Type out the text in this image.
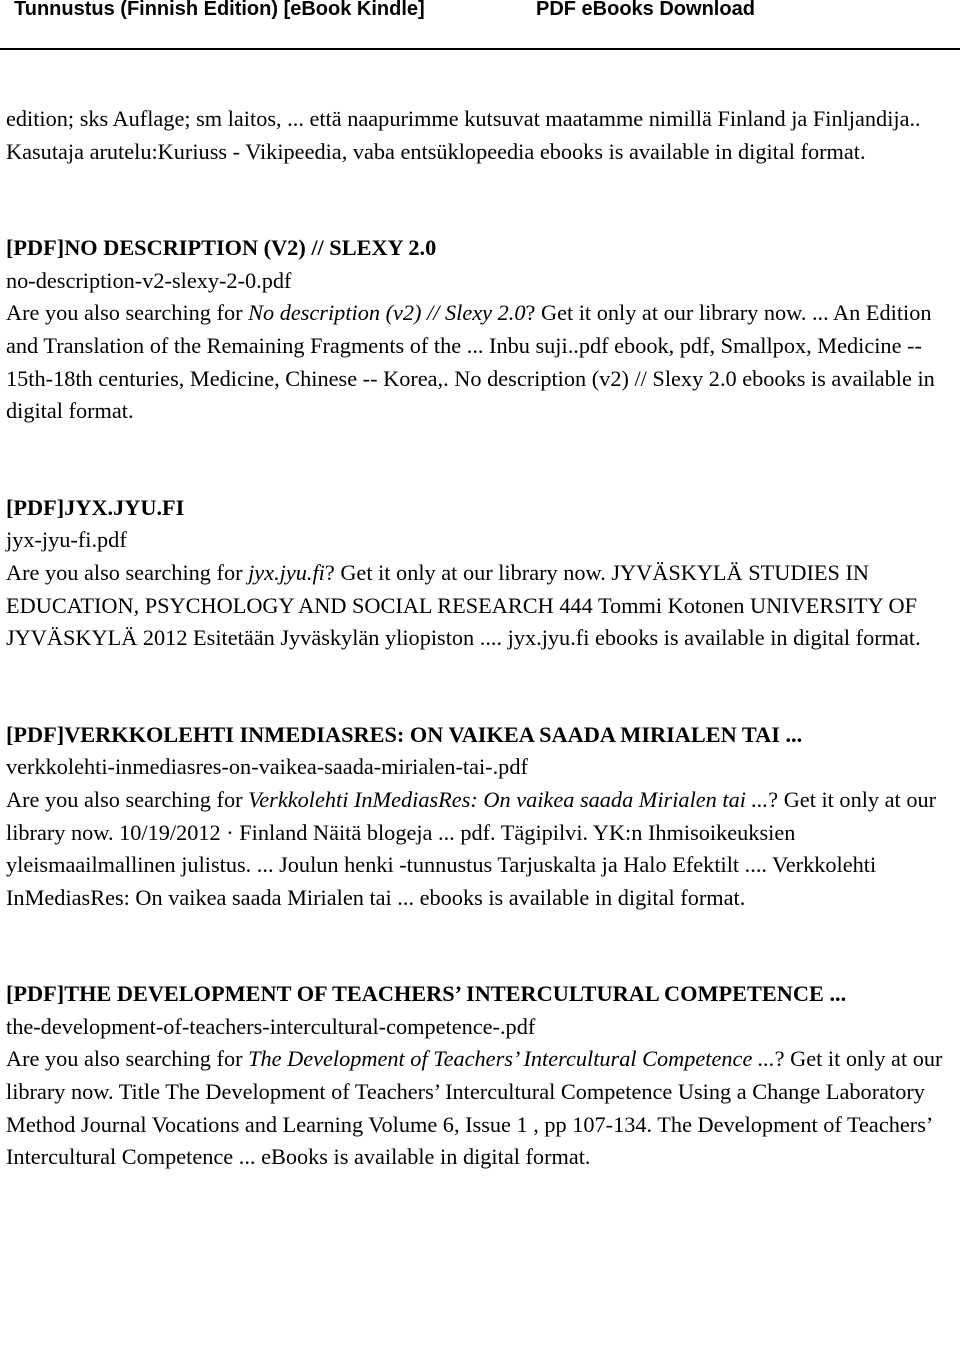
Tunnustus (Finnish Edition) [eBook Kindle]	PDF eBooks Download

edition; sks Auflage; sm laitos, ... että naapurimme kutsuvat maatamme nimillä Finland ja Finljandija.. Kasutaja arutelu:Kuriuss - Vikipeedia, vaba entsüklopeedia ebooks is available in digital format.

[PDF]NO DESCRIPTION (V2) // SLEXY 2.0

no-description-v2-slexy-2-0.pdf

Are you also searching for No description (v2) // Slexy 2.0? Get it only at our library now. ... An Edition and Translation of the Remaining Fragments of the ... Inbu suji..pdf ebook, pdf, Smallpox, Medicine -- 15th-18th centuries, Medicine, Chinese -- Korea,. No description (v2) // Slexy 2.0 ebooks is available in digital format.

[PDF]JYX.JYU.FI

jyx-jyu-fi.pdf

Are you also searching for jyx.jyu.fi? Get it only at our library now. JYVÄSKYLÄ STUDIES IN EDUCATION, PSYCHOLOGY AND SOCIAL RESEARCH 444 Tommi Kotonen UNIVERSITY OF JYVÄSKYLÄ 2012 Esitetään Jyväskylän yliopiston .... jyx.jyu.fi ebooks is available in digital format.

[PDF]VERKKOLEHTI INMEDIASRES: ON VAIKEA SAADA MIRIALEN TAI ...

verkkolehti-inmediasres-on-vaikea-saada-mirialen-tai-.pdf

Are you also searching for Verkkolehti InMediasRes: On vaikea saada Mirialen tai ...? Get it only at our library now. 10/19/2012 · Finland Näitä blogeja ... pdf. Tägipilvi. YK:n Ihmisoikeuksien yleismaailmallinen julistus. ... Joulun henki -tunnustus Tarjuskalta ja Halo Efektilt .... Verkkolehti InMediasRes: On vaikea saada Mirialen tai ... ebooks is available in digital format.

[PDF]THE DEVELOPMENT OF TEACHERS’ INTERCULTURAL COMPETENCE ...

the-development-of-teachers-intercultural-competence-.pdf

Are you also searching for The Development of Teachers’ Intercultural Competence ...? Get it only at our library now. Title The Development of Teachers’ Intercultural Competence Using a Change Laboratory Method Journal Vocations and Learning Volume 6, Issue 1 , pp 107-134. The Development of Teachers’ Intercultural Competence ... eBooks is available in digital format.
